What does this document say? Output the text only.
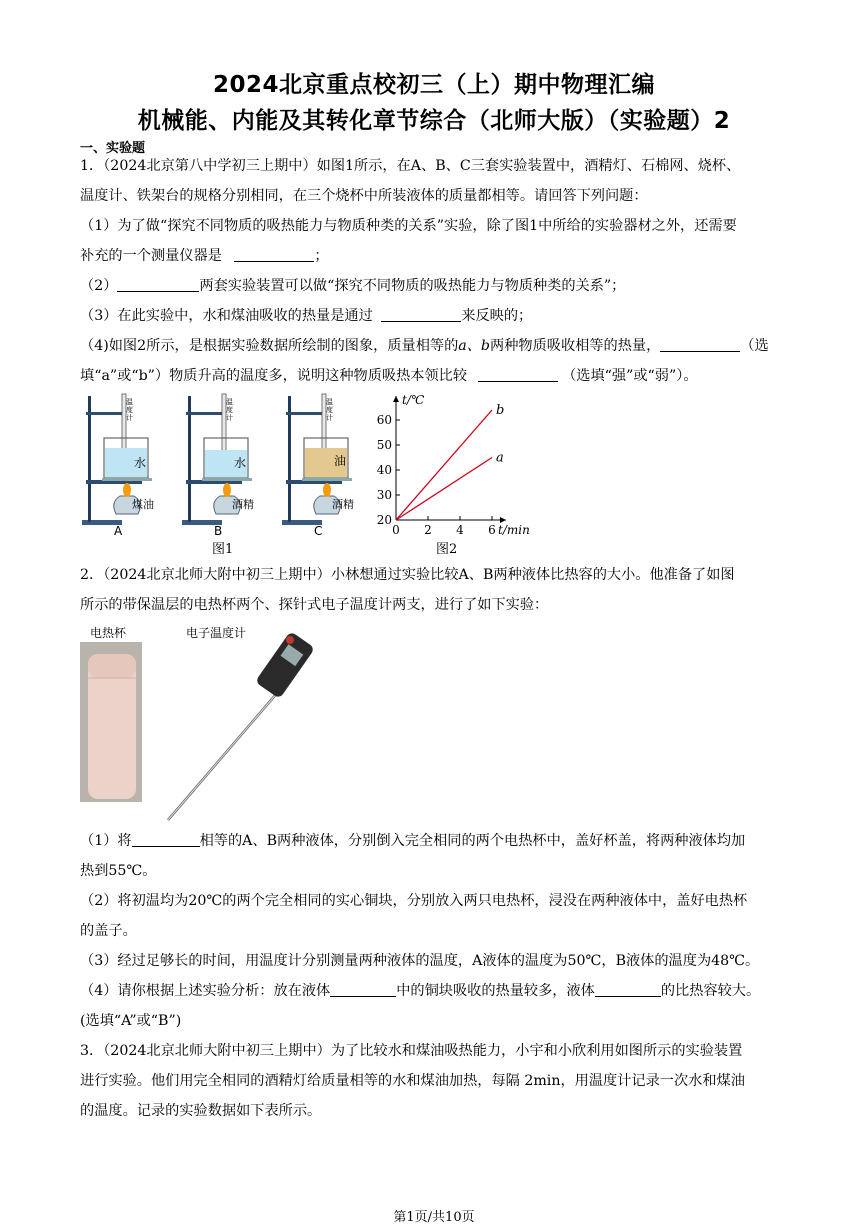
2024北京重点校初三（上）期中物理汇编
机械能、内能及其转化章节综合（北师大版）（实验题）2
一、实验题
1．（2024北京第八中学初三上期中）如图1所示，在A、B、C三套实验装置中，酒精灯、石棉网、烧杯、
温度计、铁架台的规格分别相同，在三个烧杯中所装液体的质量都相等。请回答下列问题：
（1）为了做“探究不同物质的吸热能力与物质种类的关系”实验，除了图1中所给的实验器材之外，还需要
补充的一个测量仪器是	；
（2）	两套实验装置可以做“探究不同物质的吸热能力与物质种类的关系”；
（3）在此实验中，水和煤油吸收的热量是通过	来反映的；
（4)如图2所示，是根据实验数据所绘制的图象，质量相等的a、b两种物质吸收相等的热量，	（选
填“a”或“b”）物质升高的温度多，说明这种物质吸热本领比较	（选填“强”或“弱”）。
水
煤油
A
温度计
水
酒精
B
温度计
油
酒精
C
温度计
图1
t/℃
t/min
20
30
40
50
60
0 2 4 6
b
a
图2
2．（2024北京北师大附中初三上期中）小林想通过实验比较A、B两种液体比热容的大小。他准备了如图
所示的带保温层的电热杯两个、探针式电子温度计两支，进行了如下实验：
电热杯	电子温度计
（1）将	相等的A、B两种液体，分别倒入完全相同的两个电热杯中，盖好杯盖，将两种液体均加
热到55℃。
（2）将初温均为20℃的两个完全相同的实心铜块，分别放入两只电热杯，浸没在两种液体中，盖好电热杯
的盖子。
（3）经过足够长的时间，用温度计分别测量两种液体的温度，A液体的温度为50℃，B液体的温度为48℃。
（4）请你根据上述实验分析：放在液体	中的铜块吸收的热量较多，液体	的比热容较大。
(选填“A”或“B”)
3．（2024北京北师大附中初三上期中）为了比较水和煤油吸热能力，小宇和小欣利用如图所示的实验装置
进行实验。他们用完全相同的酒精灯给质量相等的水和煤油加热，每隔 2min，用温度计记录一次水和煤油
的温度。记录的实验数据如下表所示。
第1页/共10页
